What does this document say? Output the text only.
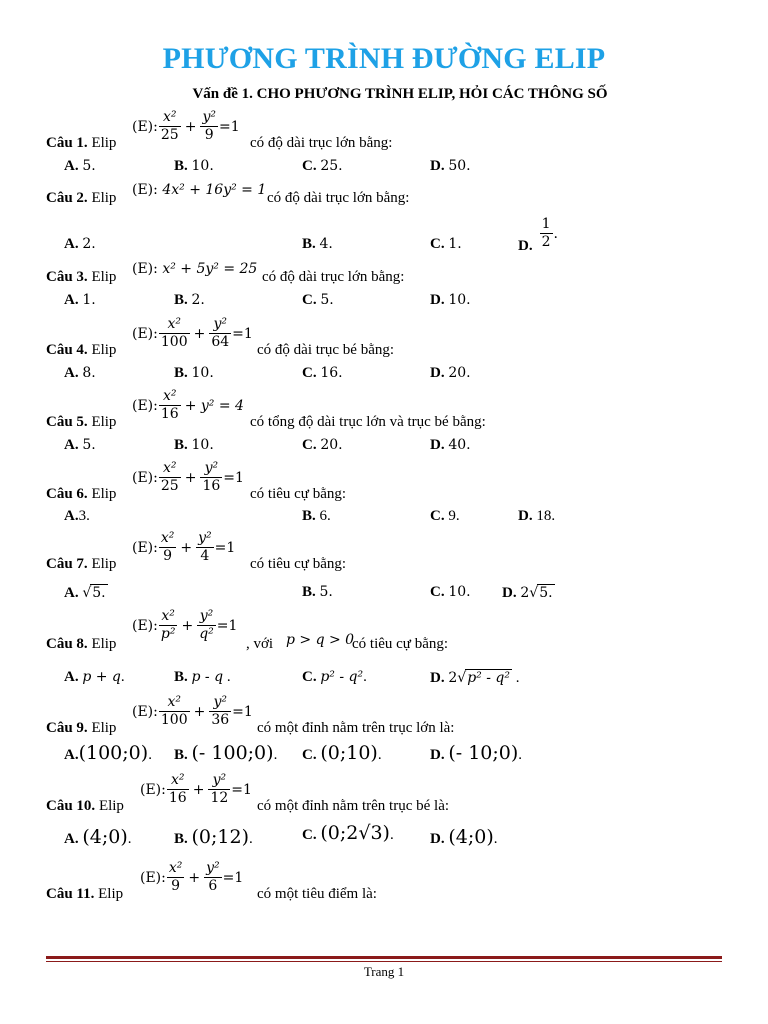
PHƯƠNG TRÌNH ĐƯỜNG ELIP
Vấn đề 1. CHO PHƯƠNG TRÌNH ELIP, HỎI CÁC THÔNG SỐ
Câu 1. Elip
(E): $\frac{\text{x²}}{25} + \frac{\text{y²}}{9} =1$
có độ dài trục lớn bằng:
A. 5.	B. 10.	C. 25.	D. 50.
Câu 2. Elip (E): 4x² + 16y² = 1 có độ dài trục lớn bằng:
A. 2.	B. 4.	C. 1.	D. $\frac{1}{2}$ .
Câu 3. Elip (E): x² + 5y² = 25 có độ dài trục lớn bằng:
A. 1.	B. 2.	C. 5.	D. 10.
Câu 4. Elip
(E): $\frac{\text{x²}}{100} + \frac{\text{y²}}{64} =1$
có độ dài trục bé bằng:
A. 8.	B. 10.	C. 16.	D. 20.
Câu 5. Elip
(E): $\frac{\text{x²}}{16} + y^2 = 4$
có tổng độ dài trục lớn và trục bé bằng:
A. 5.	B. 10.	C. 20.	D. 40.
Câu 6. Elip
(E): $\frac{\text{x²}}{25} + \frac{\text{y²}}{16} =1$
có tiêu cự bằng:
A.3.	B. 6.	C. 9.	D. 18.
Câu 7. Elip
(E): $\frac{\text{x²}}{9} + \frac{\text{y²}}{4} =1$
có tiêu cự bằng:
A. √5.	B. 5.	C. 10. D. 2√5.
Câu 8. Elip
(E): $\frac{\text{x²}}{\text{p²}} + \frac{\text{y²}}{\text{q²}} =1$
, với p > q > 0
có tiêu cự bằng:
A. p + q.	B. p - q .	C. p² - q².	D. 2√p² - q² .
Câu 9. Elip
(E): $\frac{\text{x²}}{100} + \frac{\text{y²}}{36} =1$
có một đỉnh nằm trên trục lớn là:
A.(100;0). B. (- 100;0). C. (0;10).	D. (- 10;0).
Câu 10. Elip
(E): $\frac{\text{x²}}{16} + \frac{\text{y²}}{12} =1$
có một đỉnh nằm trên trục bé là:
A. (4;0).	B. (0;12).	C. (0;2√3). D. (4;0).
Câu 11. Elip
(E): $\frac{\text{x²}}{9} + \frac{\text{y²}}{6} =1$
có một tiêu điểm là:
Trang 1
